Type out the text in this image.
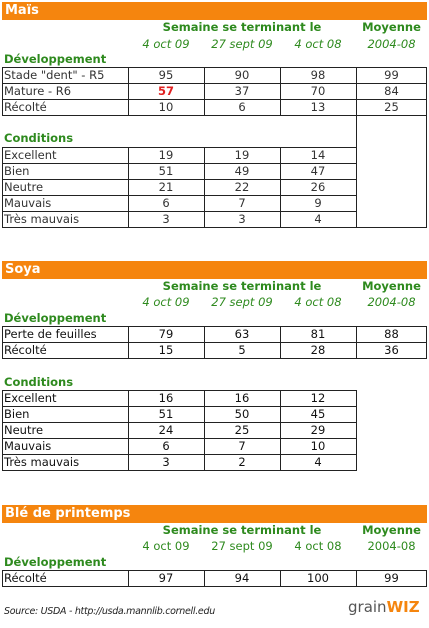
Maïs
Semaine se terminant le	Moyenne
4 oct 09	27 sept 09	4 oct 08	2004-08
Développement
Stade "dent" - R5	95	90	98	99
Mature - R6	57	37	70	84
Récolté	10	6	13	25
Conditions
Excellent	19	19	14
Bien	51	49	47
Neutre	21	22	26
Mauvais	6	7	9
Très mauvais	3	3	4
Soya
Semaine se terminant le	Moyenne
4 oct 09	27 sept 09	4 oct 08	2004-08
Développement
Perte de feuilles	79	63	81	88
Récolté	15	5	28	36
Conditions
Excellent	16	16	12
Bien	51	50	45
Neutre	24	25	29
Mauvais	6	7	10
Très mauvais	3	2	4
Blé de printemps
Semaine se terminant le	Moyenne
4 oct 09	27 sept 09	4 oct 08	2004-08
Développement
Récolté	97	94	100	99
Source: USDA - http://usda.mannlib.cornell.edu	grainWIZ
